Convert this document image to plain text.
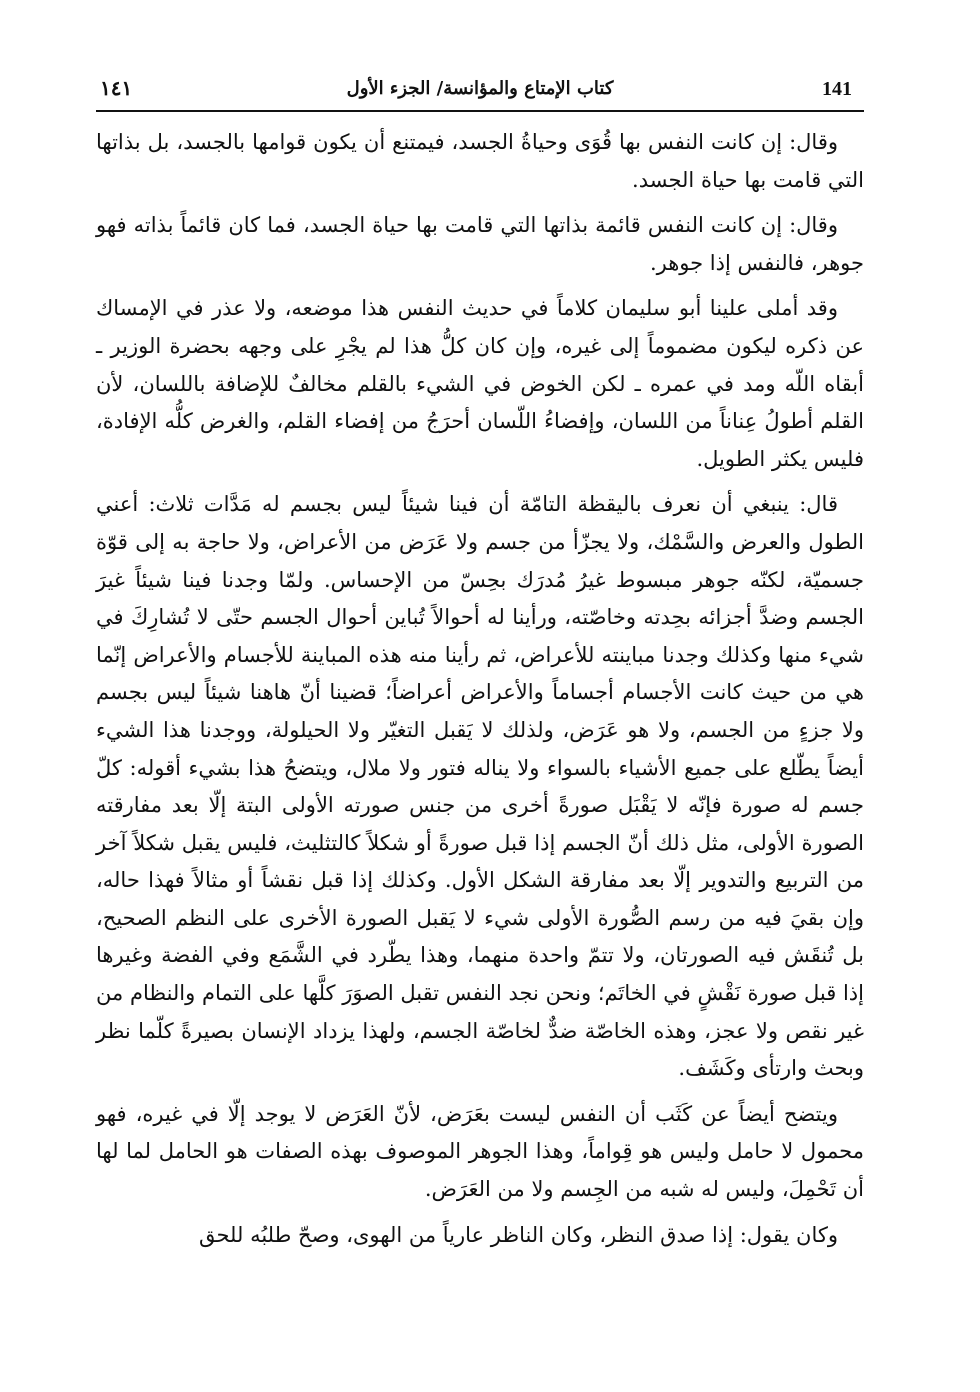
141
كتاب الإمتاع والمؤانسة/ الجزء الأول
١٤١

وقال: إن كانت النفس بها قُوَى وحياةُ الجسد، فيمتنع أن يكون قوامها بالجسد، بل بذاتها التي قامت بها حياة الجسد.

وقال: إن كانت النفس قائمة بذاتها التي قامت بها حياة الجسد، فما كان قائماً بذاته فهو جوهر، فالنفس إذا جوهر.

وقد أملى علينا أبو سليمان كلاماً في حديث النفس هذا موضعه، ولا عذر في الإمساك عن ذكره ليكون مضموماً إلى غيره، وإن كان كلُّ هذا لم يجْرِ على وجهه بحضرة الوزير ـ أبقاه اللّه ومد في عمره ـ لكن الخوض في الشيء بالقلم مخالفٌ للإضافة باللسان، لأن القلم أطولُ عِناناً من اللسان، وإفضاءُ اللّسان أحرَجُ من إفضاء القلم، والغرض كلُّه الإفادة، فليس يكثر الطويل.

قال: ينبغي أن نعرف باليقظة التامّة أن فينا شيئاً ليس بجسم له مَدَّات ثلاث: أعني الطول والعرض والسَّمْك، ولا يجزّأ من جسم ولا عَرَض من الأعراض، ولا حاجة به إلى قوّة جسميّة، لكنّه جوهر مبسوط غيرُ مُدرَك بحِسّ من الإحساس. ولمّا وجدنا فينا شيئاً غيرَ الجسم وضدَّ أجزائه بحِدته وخاصّته، ورأينا له أحوالاً تُباين أحوال الجسم حتّى لا تُشارِكَ في شيء منها وكذلك وجدنا مباينته للأعراض، ثم رأينا منه هذه المباينة للأجسام والأعراض إنّما هي من حيث كانت الأجسام أجساماً والأعراض أعراضاً؛ قضينا أنّ هاهنا شيئاً ليس بجسم ولا جزءٍ من الجسم، ولا هو عَرَض، ولذلك لا يَقبل التغيّر ولا الحيلولة، ووجدنا هذا الشيء أيضاً يطّلع على جميع الأشياء بالسواء ولا يناله فتور ولا ملال، ويتضحُ هذا بشيء أقوله: كلّ جسم له صورة فإنّه لا يَقْبَل صورةً أخرى من جنس صورته الأولى البتة إلّا بعد مفارقته الصورة الأولى، مثل ذلك أنّ الجسم إذا قبل صورةً أو شكلاً كالتثليث، فليس يقبل شكلاً آخر من التربيع والتدوير إلّا بعد مفارقة الشكل الأول. وكذلك إذا قبل نقشاً أو مثالاً فهذا حاله، وإن بقيَ فيه من رسم الصُّورة الأولى شيء لا يَقبل الصورة الأخرى على النظم الصحيح، بل تُنقَش فيه الصورتان، ولا تتمّ واحدة منهما، وهذا يطّرد في الشَّمَع وفي الفضة وغيرها إذا قبل صورة نَقْشٍ في الخاتَم؛ ونحن نجد النفس تقبل الصوَرَ كلَّها على التمام والنظام من غير نقص ولا عجز، وهذه الخاصّة ضدٌّ لخاصّة الجسم، ولهذا يزداد الإنسان بصيرةً كلّما نظر وبحث وارتأى وكَشَف.

ويتضح أيضاً عن كَثَب أن النفس ليست بعَرَض، لأنّ العَرَض لا يوجد إلّا في غيره، فهو محمول لا حامل وليس هو قِواماً، وهذا الجوهر الموصوف بهذه الصفات هو الحامل لما لها أن تَحْمِلَ، وليس له شبه من الجِسم ولا من العَرَض.

وكان يقول: إذا صدق النظر، وكان الناظر عارياً من الهوى، وصحّ طلبُه للحق
